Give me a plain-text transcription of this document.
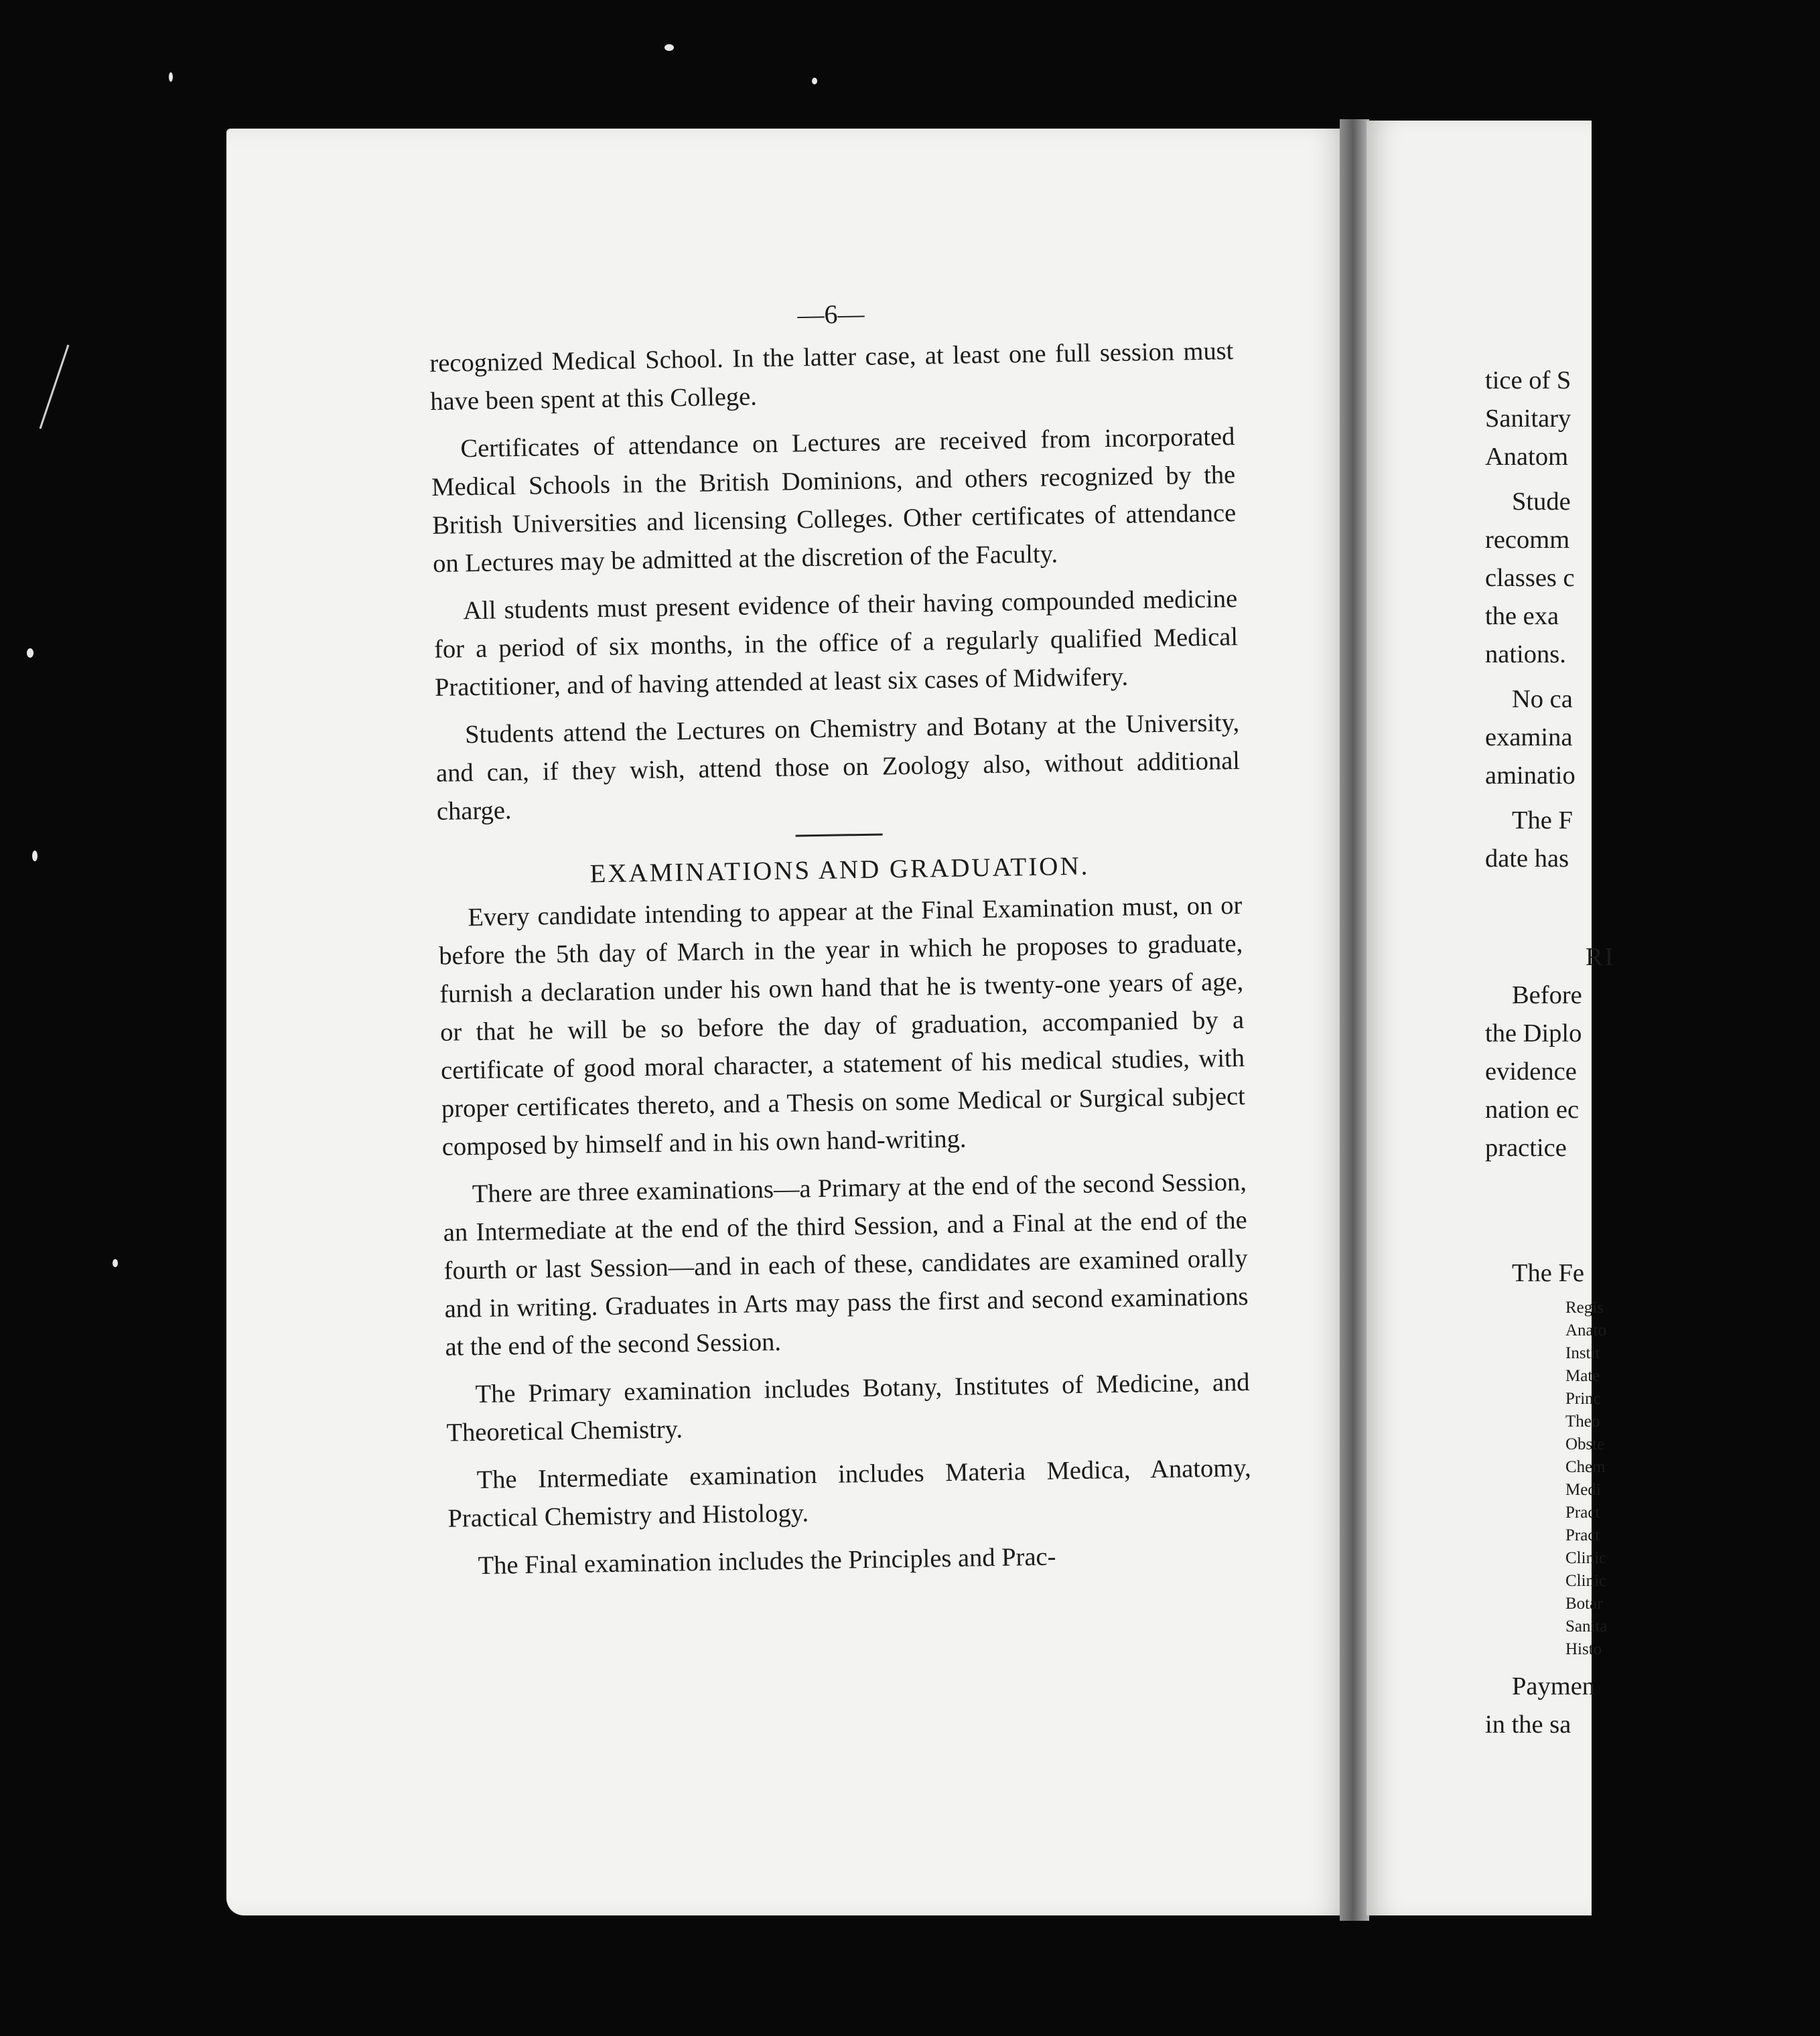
—6—

recognized Medical School. In the latter case, at least one full session must have been spent at this College.

Certificates of attendance on Lectures are received from incorporated Medical Schools in the British Dominions, and others recognized by the British Universities and licensing Colleges. Other certificates of attendance on Lectures may be admitted at the discretion of the Faculty.

All students must present evidence of their having compounded medicine for a period of six months, in the office of a regularly qualified Medical Practitioner, and of having attended at least six cases of Midwifery.

Students attend the Lectures on Chemistry and Botany at the University, and can, if they wish, attend those on Zoology also, without additional charge.

EXAMINATIONS AND GRADUATION.

Every candidate intending to appear at the Final Examination must, on or before the 5th day of March in the year in which he proposes to graduate, furnish a declaration under his own hand that he is twenty-one years of age, or that he will be so before the day of graduation, accompanied by a certificate of good moral character, a statement of his medical studies, with proper certificates thereto, and a Thesis on some Medical or Surgical subject composed by himself and in his own hand-writing.

There are three examinations—a Primary at the end of the second Session, an Intermediate at the end of the third Session, and a Final at the end of the fourth or last Session—and in each of these, candidates are examined orally and in writing. Graduates in Arts may pass the first and second examinations at the end of the second Session.

The Primary examination includes Botany, Institutes of Medicine, and Theoretical Chemistry.

The Intermediate examination includes Materia Medica, Anatomy, Practical Chemistry and Histology.

The Final examination includes the Principles and Prac-

tice of S
Sanitary
Anatom
Stude
recomm
classes c
the exa
nations.
No ca
examina
aminatio
The F
date has
RI
Before
the Diplo
evidence
nation ec
practice
The Fe
Regis
Anato
Instit
Mate
Princ
Theo
Obste
Chem
Medi
Pract
Pract
Clinic
Clinic
Botar
Sanita
Histo
Paymen
in the sa
